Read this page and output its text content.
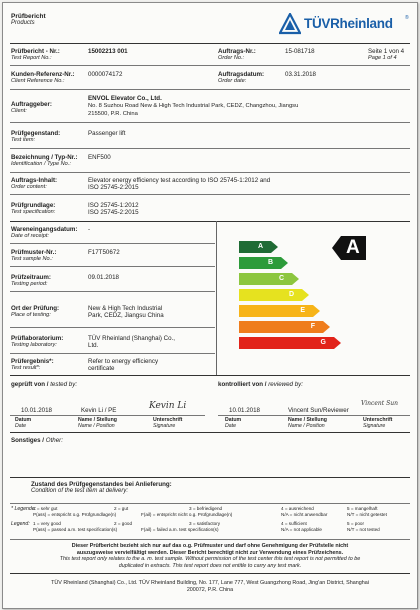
Prüfbericht
Products	TÜVRheinland ®
Prüfbericht - Nr.:
Test Report No.:
15002213 001	Auftrags-Nr.:
Order No.:
15-081718	Seite 1 von 4
Page 1 of 4
Kunden-Referenz-Nr.:
Client Reference No.:
0000074172	Auftragsdatum:
Order date:
03.31.2018
Auftraggeber:
Client:
ENVOL Elevator Co., Ltd.
No. 8 Suzhou Road New & High Tech Industrial Park, CEDZ, Changzhou, Jiangsu
215500, P.R. China
Prüfgegenstand:
Test item:
Passenger lift
Bezeichnung / Typ-Nr.:
Identification / Type No.:
ENF500
Auftrags-Inhalt:
Order content:
Elevator energy efficiency test according to ISO 25745-1:2012 and
ISO 25745-2:2015
Prüfgrundlage:
Test specification:
ISO 25745-1:2012
ISO 25745-2:2015
Wareneingangsdatum:
Date of receipt:
-
Prüfmuster-Nr.:
Test sample No.:
F17T50672
Prüfzeitraum:
Testing period:
09.01.2018
Ort der Prüfung:
Place of testing:
New & High Tech Industrial
Park, CEDZ, Jiangsu China
Prüflaboratorium:
Testing laboratory:
TÜV Rheinland (Shanghai) Co.,
Ltd.
Prüfergebnis*:
Test result*:
Refer to energy efficiency
certificate
A
B
C
D
E
F
G
A
geprüft von / tested by:	kontrolliert von / reviewed by:
10.01.2018	Kevin Li / PE	Kevin Li	10.01.2018	Vincent Sun/Reviewer
Vincent Sun
Datum
Date
Name / Stellung
Name / Position
Unterschrift
Signature
Datum
Date
Name / Stellung
Name / Position
Unterschrift
Signature
Sonstiges / Other:
Zustand des Prüfgegenstandes bei Anlieferung:
Condition of the test item at delivery:
* Legende:
Legend:
1 = sehr gut	2 = gut	3 = befriedigend	4 = ausreichend	5 = mangelhaft
P(ass) = entspricht o.g. Prüfgrundlage(n)	F(ail) = entspricht nicht o.g. Prüfgrundlage(n)	N/A = nicht anwendbar	N/T = nicht getestet
1 = very good	2 = good	3 = satisfactory	4 = sufficient	5 = poor
P(ass) = passed a.m. test specification(s)	F(ail) = failed a.m. test specification(s)	N/A = not applicable	N/T = not tested
Dieser Prüfbericht bezieht sich nur auf das o.g. Prüfmuster und darf ohne Genehmigung der Prüfstelle nicht
auszugsweise vervielfältigt werden. Dieser Bericht berechtigt nicht zur Verwendung eines Prüfzeichens.
This test report only relates to the a. m. test sample. Without permission of the test center this test report is not permitted to be
duplicated in extracts. This test report does not entitle to carry any test mark.
TÜV Rheinland (Shanghai) Co., Ltd. TÜV Rheinland Building, No. 177, Lane 777, West Guangzhong Road, Jing'an District, Shanghai
200072, P.R. China
